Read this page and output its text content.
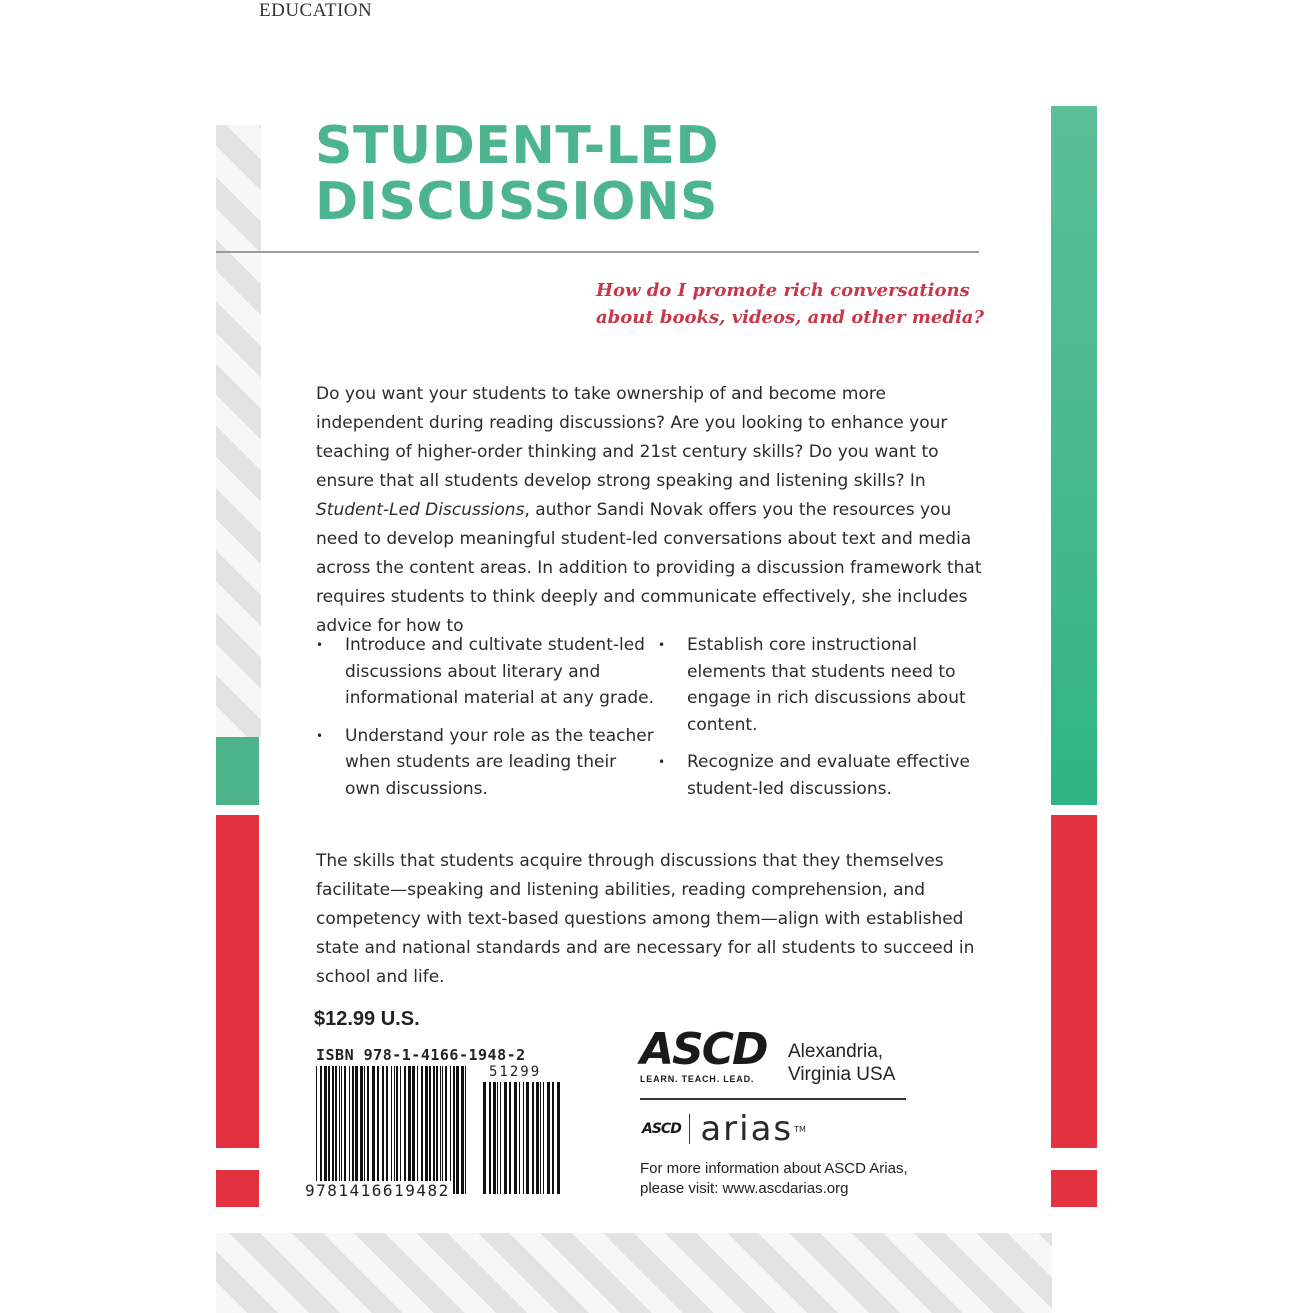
EDUCATION
STUDENT-LED
DISCUSSIONS

How do I promote rich conversations
about books, videos, and other media?

Do you want your students to take ownership of and become more independent during reading discussions? Are you looking to enhance your teaching of higher-order thinking and 21st century skills? Do you want to ensure that all students develop strong speaking and listening skills? In Student-Led Discussions, author Sandi Novak offers you the resources you need to develop meaningful student-led conversations about text and media across the content areas. In addition to providing a discussion framework that requires students to think deeply and communicate effectively, she includes advice for how to

• Introduce and cultivate student-led discussions about literary and informational material at any grade.
• Understand your role as the teacher when students are leading their own discussions.
• Establish core instructional elements that students need to engage in rich discussions about content.
• Recognize and evaluate effective student-led discussions.

The skills that students acquire through discussions that they themselves facilitate—speaking and listening abilities, reading comprehension, and competency with text-based questions among them—align with established state and national standards and are necessary for all students to succeed in school and life.

$12.99 U.S.
ISBN 978-1-4166-1948-2
51299
9781416619482
ASCD
LEARN. TEACH. LEAD.
Alexandria,
Virginia USA
ASCD arias TM
For more information about ASCD Arias,
please visit: www.ascdarias.org
